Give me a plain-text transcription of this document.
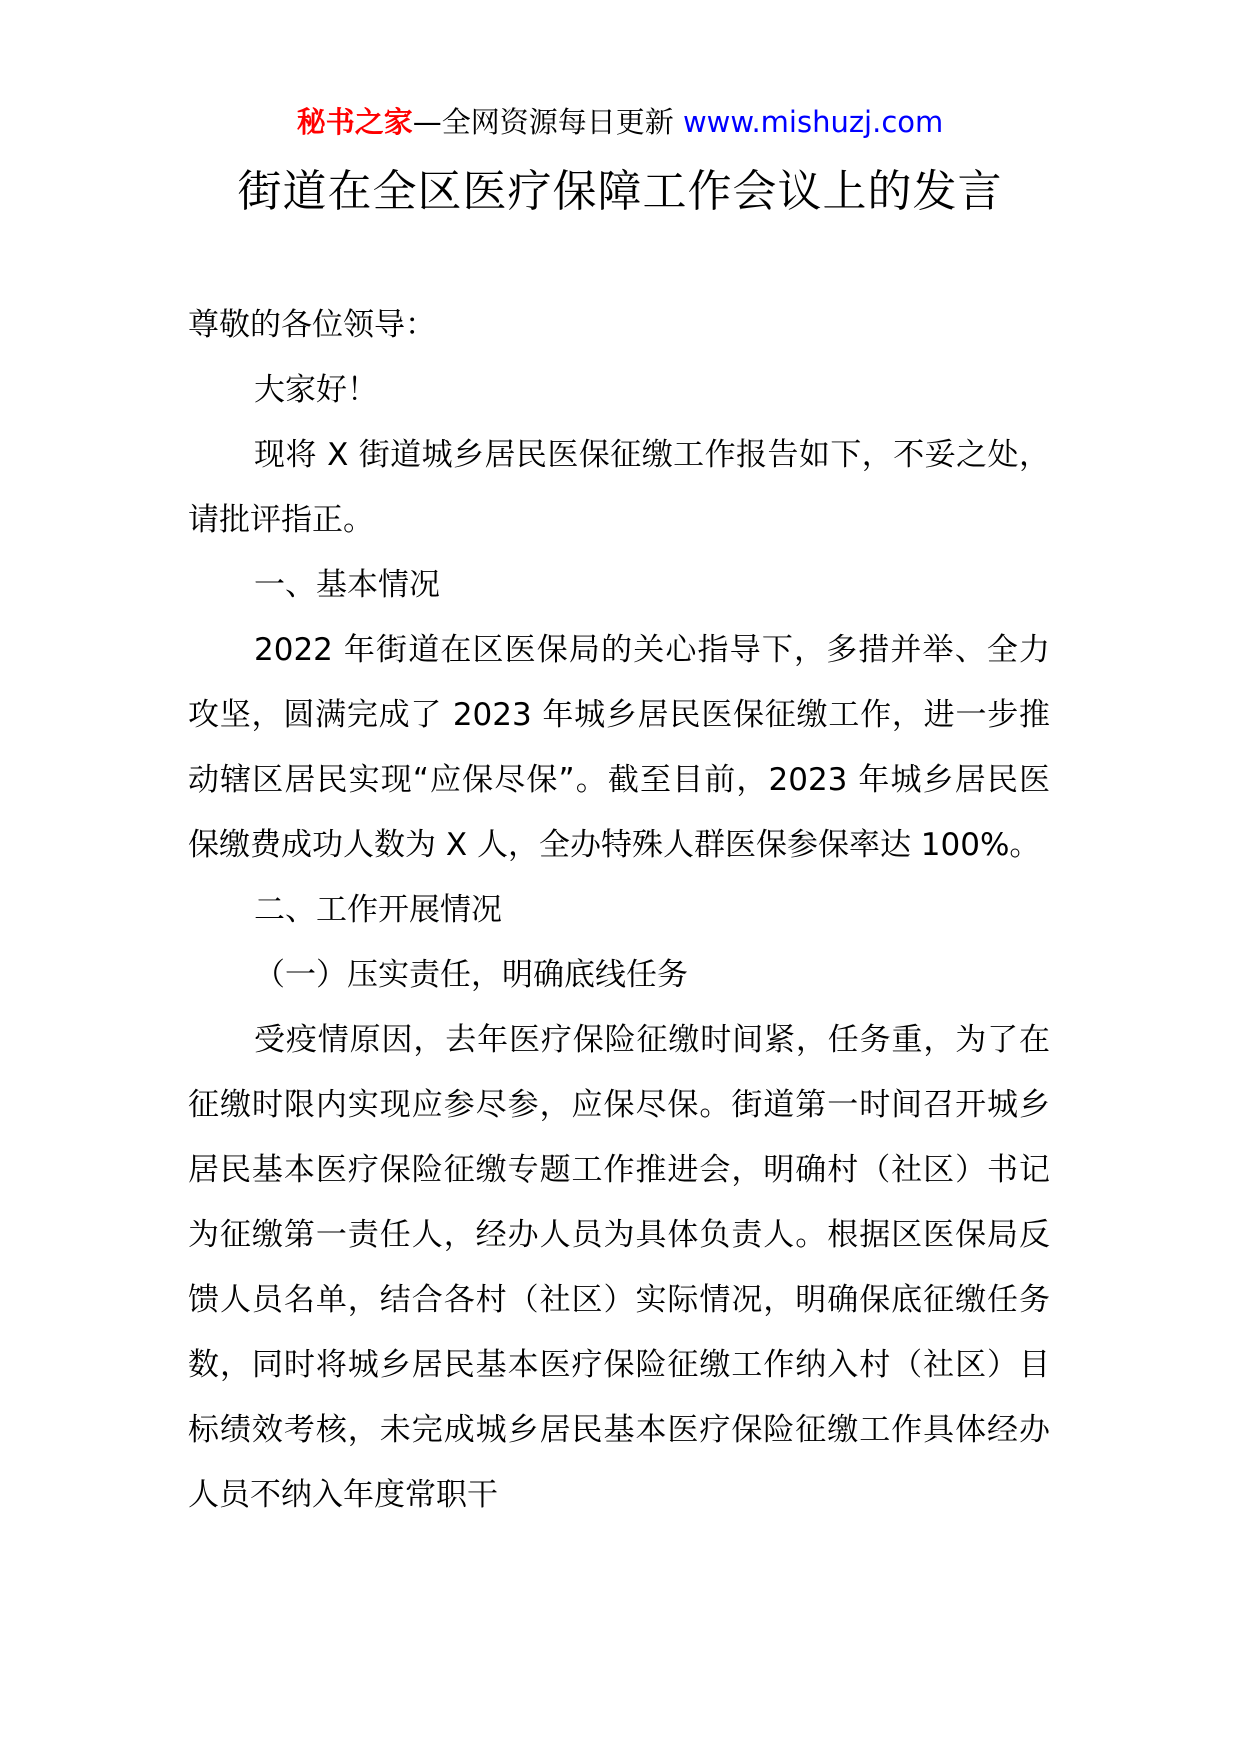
秘书之家—全网资源每日更新 www.mishuzj.com
街道在全区医疗保障工作会议上的发言

尊敬的各位领导：

大家好！

现将 X 街道城乡居民医保征缴工作报告如下，不妥之处，请批评指正。

一、基本情况

2022 年街道在区医保局的关心指导下，多措并举、全力攻坚，圆满完成了 2023 年城乡居民医保征缴工作，进一步推动辖区居民实现“应保尽保”。截至目前，2023 年城乡居民医保缴费成功人数为 X 人，全办特殊人群医保参保率达 100%。

二、工作开展情况

（一）压实责任，明确底线任务

受疫情原因，去年医疗保险征缴时间紧，任务重，为了在征缴时限内实现应参尽参，应保尽保。街道第一时间召开城乡居民基本医疗保险征缴专题工作推进会，明确村（社区）书记为征缴第一责任人，经办人员为具体负责人。根据区医保局反馈人员名单，结合各村（社区）实际情况，明确保底征缴任务数，同时将城乡居民基本医疗保险征缴工作纳入村（社区）目标绩效考核，未完成城乡居民基本医疗保险征缴工作具体经办人员不纳入年度常职干
